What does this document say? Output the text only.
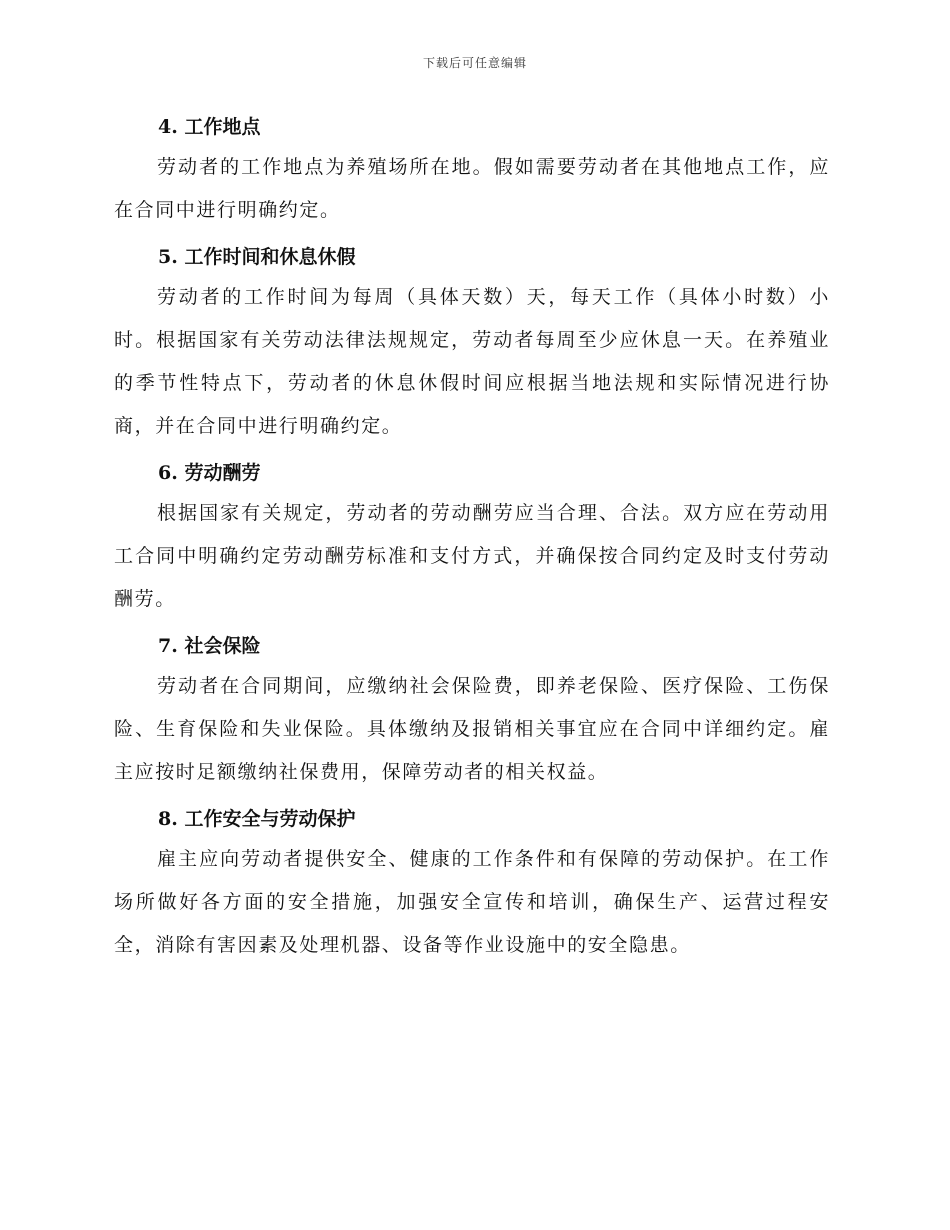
下载后可任意编辑
4. 工作地点

劳动者的工作地点为养殖场所在地。假如需要劳动者在其他地点工作，应在合同中进行明确约定。

5. 工作时间和休息休假

劳动者的工作时间为每周（具体天数）天，每天工作（具体小时数）小时。根据国家有关劳动法律法规规定，劳动者每周至少应休息一天。在养殖业的季节性特点下，劳动者的休息休假时间应根据当地法规和实际情况进行协商，并在合同中进行明确约定。

6. 劳动酬劳

根据国家有关规定，劳动者的劳动酬劳应当合理、合法。双方应在劳动用工合同中明确约定劳动酬劳标准和支付方式，并确保按合同约定及时支付劳动酬劳。

7. 社会保险

劳动者在合同期间，应缴纳社会保险费，即养老保险、医疗保险、工伤保险、生育保险和失业保险。具体缴纳及报销相关事宜应在合同中详细约定。雇主应按时足额缴纳社保费用，保障劳动者的相关权益。

8. 工作安全与劳动保护

雇主应向劳动者提供安全、健康的工作条件和有保障的劳动保护。在工作场所做好各方面的安全措施，加强安全宣传和培训，确保生产、运营过程安全，消除有害因素及处理机器、设备等作业设施中的安全隐患。
